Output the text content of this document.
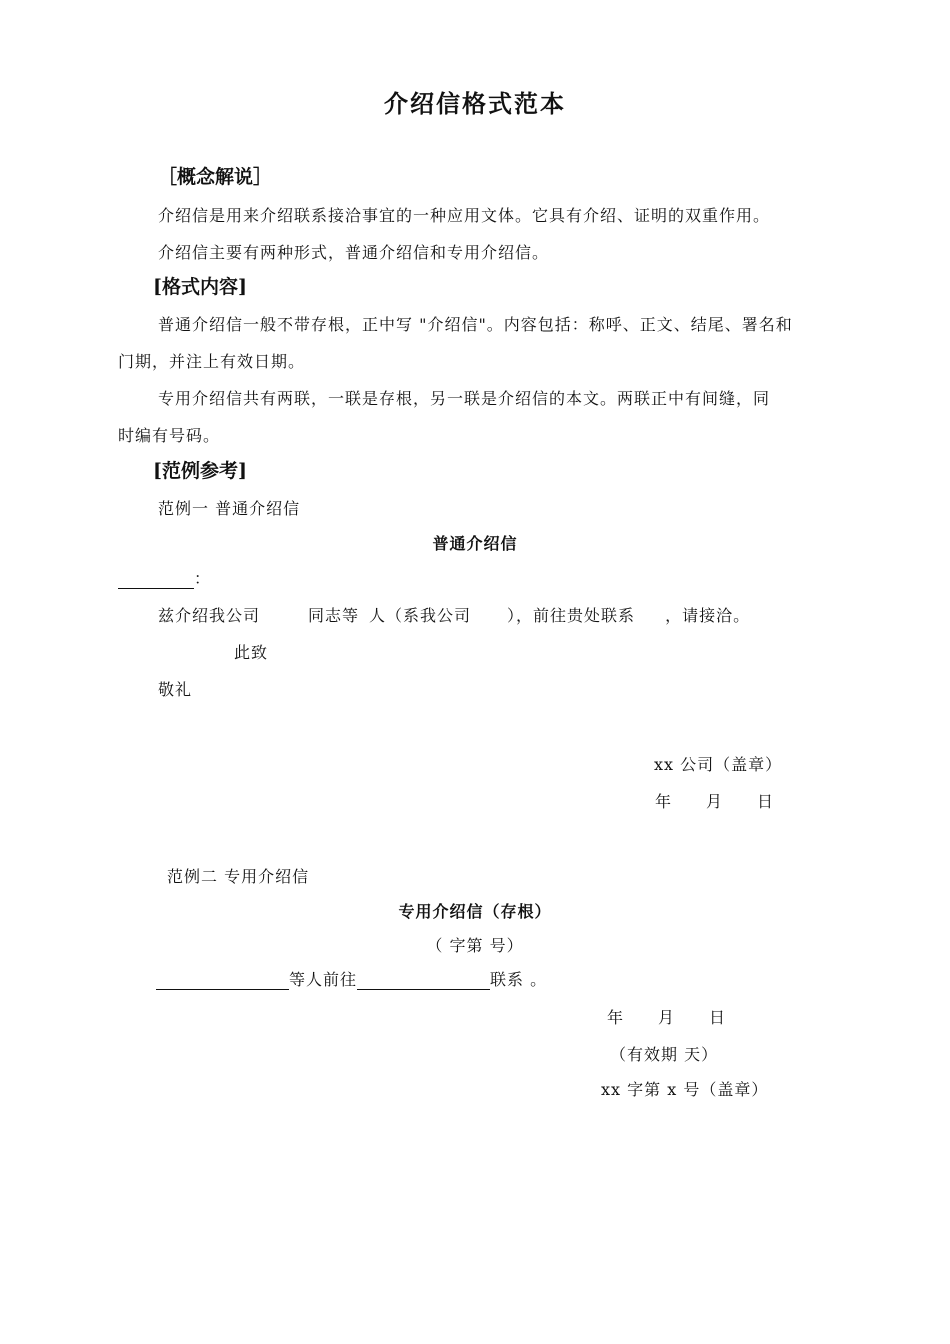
介绍信格式范本
［概念解说］
介绍信是用来介绍联系接洽事宜的一种应用文体。它具有介绍、证明的双重作用。
介绍信主要有两种形式，普通介绍信和专用介绍信。
[格式内容]
普通介绍信一般不带存根，正中写 "介绍信"。内容包括：称呼、正文、结尾、署名和
门期，并注上有效日期。
专用介绍信共有两联，一联是存根，另一联是介绍信的本文。两联正中有间缝，同
时编有号码。
[范例参考]
范例一 普通介绍信
普通介绍信
：
兹介绍我公司	同志等 人（系我公司 ），前往贵处联系 ，请接洽。
此致
敬礼
xx 公司（盖章）
年　　月　　日
范例二 专用介绍信
专用介绍信（存根）
（ 字第 号）
等人前往	联系 。
年　　月　　日
（有效期 天）
xx 字第 x 号（盖章）
